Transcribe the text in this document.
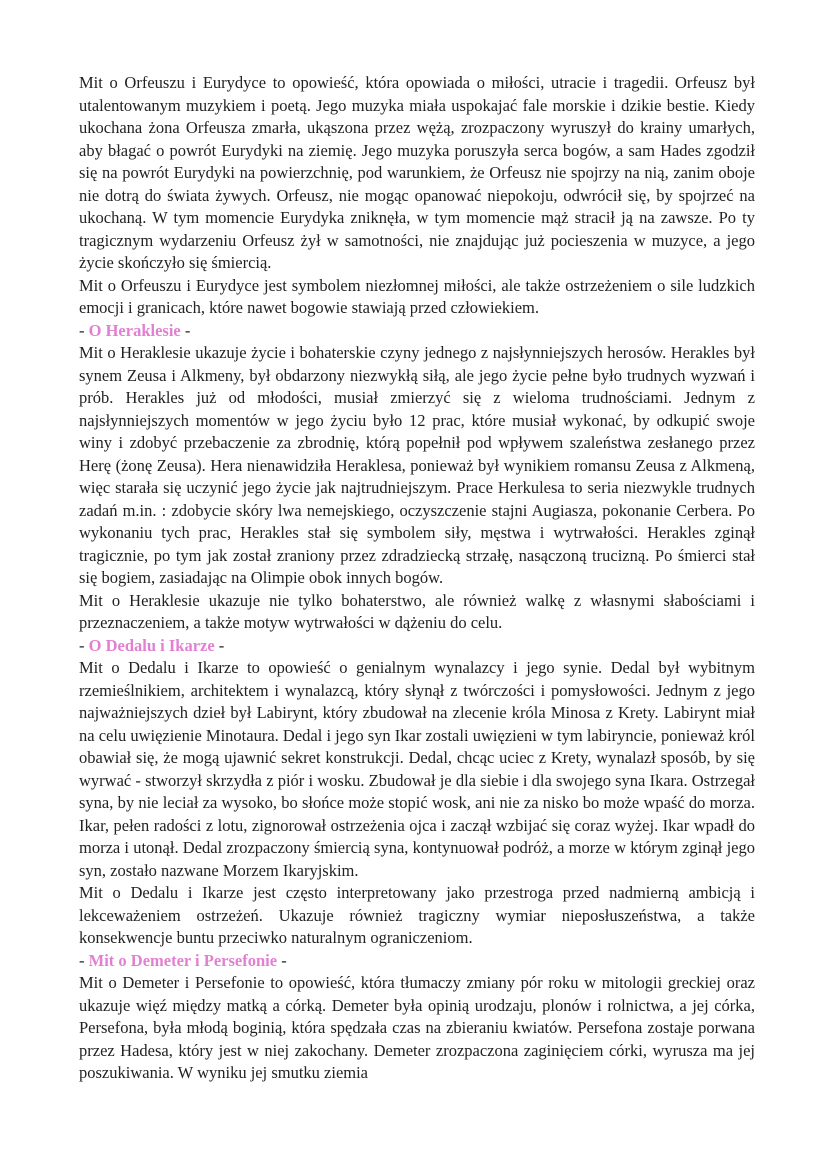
Mit o Orfeuszu i Eurydyce to opowieść, która opowiada o miłości, utracie i tragedii. Orfeusz był utalentowanym muzykiem i poetą. Jego muzyka miała uspokajać fale morskie i dzikie bestie. Kiedy ukochana żona Orfeusza zmarła, ukąszona przez wężą, zrozpaczony wyruszył do krainy umarłych, aby błagać o powrót Eurydyki na ziemię. Jego muzyka poruszyła serca bogów, a sam Hades zgodził się na powrót Eurydyki na powierzchnię, pod warunkiem, że Orfeusz nie spojrzy na nią, zanim oboje nie dotrą do świata żywych. Orfeusz, nie mogąc opanować niepokoju, odwrócił się, by spojrzeć na ukochaną. W tym momencie Eurydyka zniknęła, w tym momencie mąż stracił ją na zawsze. Po ty tragicznym wydarzeniu Orfeusz żył w samotności, nie znajdując już pocieszenia w muzyce, a jego życie skończyło się śmiercią.

Mit o Orfeuszu i Eurydyce jest symbolem niezłomnej miłości, ale także ostrzeżeniem o sile ludzkich emocji i granicach, które nawet bogowie stawiają przed człowiekiem.

- O Heraklesie -

Mit o Heraklesie ukazuje życie i bohaterskie czyny jednego z najsłynniejszych herosów. Herakles był synem Zeusa i Alkmeny, był obdarzony niezwykłą siłą, ale jego życie pełne było trudnych wyzwań i prób. Herakles już od młodości, musiał zmierzyć się z wieloma trudnościami. Jednym z najsłynniejszych momentów w jego życiu było 12 prac, które musiał wykonać, by odkupić swoje winy i zdobyć przebaczenie za zbrodnię, którą popełnił pod wpływem szaleństwa zesłanego przez Herę (żonę Zeusa). Hera nienawidziła Heraklesa, ponieważ był wynikiem romansu Zeusa z Alkmeną, więc starała się uczynić jego życie jak najtrudniejszym. Prace Herkulesa to seria niezwykle trudnych zadań m.in. : zdobycie skóry lwa nemejskiego, oczyszczenie stajni Augiasza, pokonanie Cerbera. Po wykonaniu tych prac, Herakles stał się symbolem siły, męstwa i wytrwałości. Herakles zginął tragicznie, po tym jak został zraniony przez zdradziecką strzałę, nasączoną trucizną. Po śmierci stał się bogiem, zasiadając na Olimpie obok innych bogów.

Mit o Heraklesie ukazuje nie tylko bohaterstwo, ale również walkę z własnymi słabościami i przeznaczeniem, a także motyw wytrwałości w dążeniu do celu.

- O Dedalu i Ikarze -

Mit o Dedalu i Ikarze to opowieść o genialnym wynalazcy i jego synie. Dedal był wybitnym rzemieślnikiem, architektem i wynalazcą, który słynął z twórczości i pomysłowości. Jednym z jego najważniejszych dzieł był Labirynt, który zbudował na zlecenie króla Minosa z Krety. Labirynt miał na celu uwięzienie Minotaura. Dedal i jego syn Ikar zostali uwięzieni w tym labiryncie, ponieważ król obawiał się, że mogą ujawnić sekret konstrukcji. Dedal, chcąc uciec z Krety, wynalazł sposób, by się wyrwać - stworzył skrzydła z piór i wosku. Zbudował je dla siebie i dla swojego syna Ikara. Ostrzegał syna, by nie leciał za wysoko, bo słońce może stopić wosk, ani nie za nisko bo może wpaść do morza. Ikar, pełen radości z lotu, zignorował ostrzeżenia ojca i zaczął wzbijać się coraz wyżej. Ikar wpadł do morza i utonął. Dedal zrozpaczony śmiercią syna, kontynuował podróż, a morze w którym zginął jego syn, zostało nazwane Morzem Ikaryjskim.

Mit o Dedalu i Ikarze jest często interpretowany jako przestroga przed nadmierną ambicją i lekceważeniem ostrzeżeń. Ukazuje również tragiczny wymiar nieposłuszeństwa, a także konsekwencje buntu przeciwko naturalnym ograniczeniom.

- Mit o Demeter i Persefonie -

Mit o Demeter i Persefonie to opowieść, która tłumaczy zmiany pór roku w mitologii greckiej oraz ukazuje więź między matką a córką. Demeter była opinią urodzaju, plonów i rolnictwa, a jej córka, Persefona, była młodą boginią, która spędzała czas na zbieraniu kwiatów. Persefona zostaje porwana przez Hadesa, który jest w niej zakochany. Demeter zrozpaczona zaginięciem córki, wyrusza ma jej poszukiwania. W wyniku jej smutku ziemia
